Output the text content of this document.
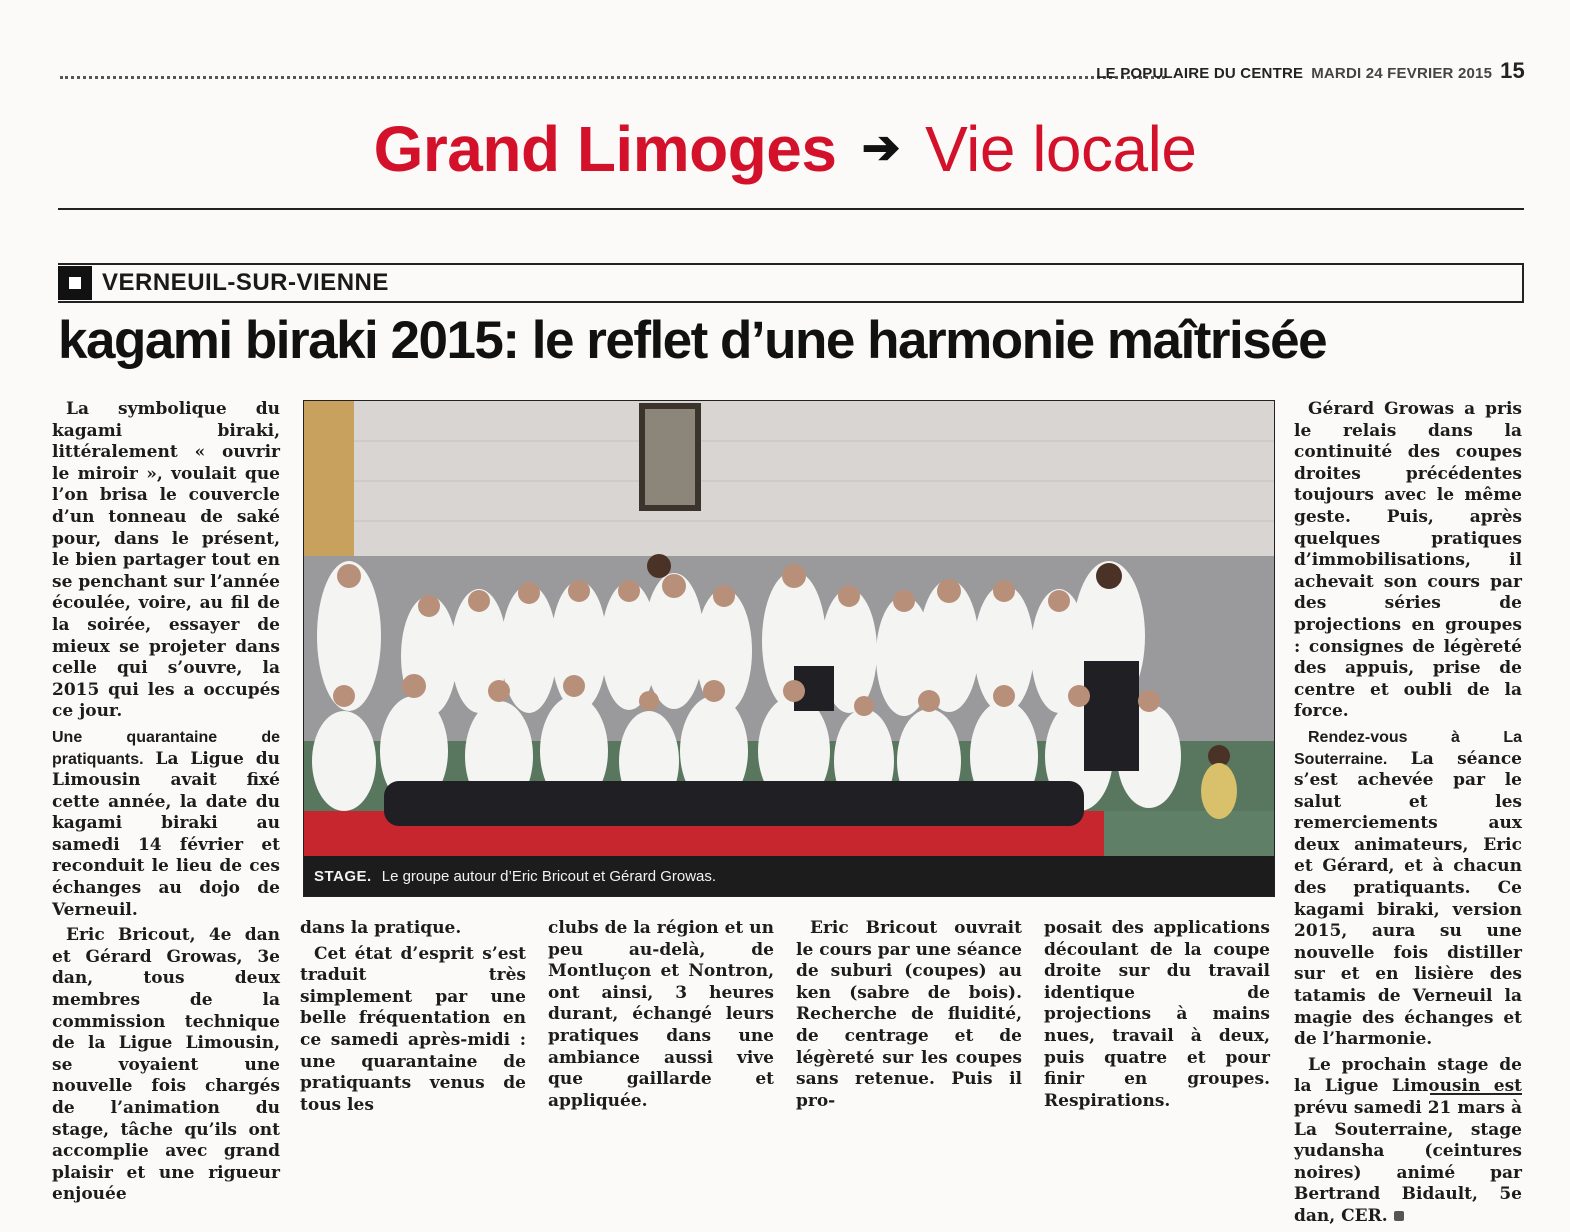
LE POPULAIRE DU CENTRE MARDI 24 FEVRIER 2015 15
Grand Limoges ➔ Vie locale
VERNEUIL-SUR-VIENNE
kagami biraki 2015: le reflet d’une harmonie maîtrisée

La symbolique du kagami biraki, littéralement « ouvrir le miroir », voulait que l’on brisa le couvercle d’un tonneau de saké pour, dans le présent, le bien partager tout en se penchant sur l’année écoulée, voire, au fil de la soirée, essayer de mieux se projeter dans celle qui s’ouvre, la 2015 qui les a occupés ce jour.

Une quarantaine de pratiquants. La Ligue du Limousin avait fixé cette année, la date du kagami biraki au samedi 14 février et reconduit le lieu de ces échanges au dojo de Verneuil.

Eric Bricout, 4e dan et Gérard Growas, 3e dan, tous deux membres de la commission technique de la Ligue Limousin, se voyaient une nouvelle fois chargés de l’animation du stage, tâche qu’ils ont accomplie avec grand plaisir et une rigueur enjouée

STAGE. Le groupe autour d’Eric Bricout et Gérard Growas.

dans la pratique.

Cet état d’esprit s’est traduit très simplement par une belle fréquentation en ce samedi après-midi : une quarantaine de pratiquants venus de tous les

clubs de la région et un peu au-delà, de Montluçon et Nontron, ont ainsi, 3 heures durant, échangé leurs pratiques dans une ambiance aussi vive que gaillarde et appliquée.

Eric Bricout ouvrait le cours par une séance de suburi (coupes) au ken (sabre de bois). Recherche de fluidité, de centrage et de légèreté sur les coupes sans retenue. Puis il pro-

posait des applications découlant de la coupe droite sur du travail identique de projections à mains nues, travail à deux, puis quatre et pour finir en groupes. Respirations.

Gérard Growas a pris le relais dans la continuité des coupes droites précédentes toujours avec le même geste. Puis, après quelques pratiques d’immobilisations, il achevait son cours par des séries de projections en groupes : consignes de légèreté des appuis, prise de centre et oubli de la force.

Rendez-vous à La Souterraine. La séance s’est achevée par le salut et les remerciements aux deux animateurs, Eric et Gérard, et à chacun des pratiquants. Ce kagami biraki, version 2015, aura su une nouvelle fois distiller sur et en lisière des tatamis de Verneuil la magie des échanges et de l’harmonie.

Le prochain stage de la Ligue Limousin est prévu samedi 21 mars à La Souterraine, stage yudansha (ceintures noires) animé par Bertrand Bidault, 5e dan, CER.
